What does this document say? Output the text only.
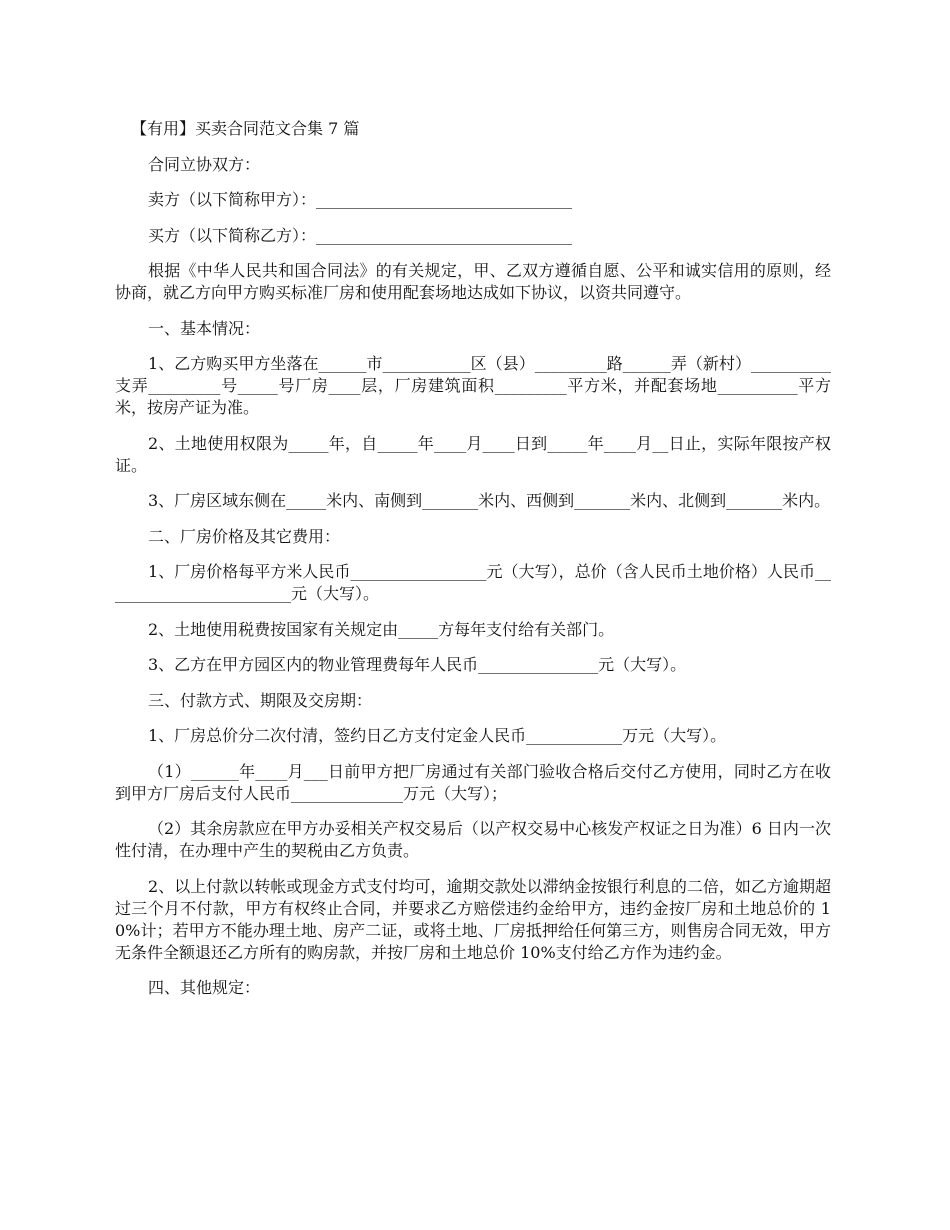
【有用】买卖合同范文合集 7 篇

合同立协双方：

卖方（以下简称甲方）：________________________________

买方（以下简称乙方）：________________________________

根据《中华人民共和国合同法》的有关规定，甲、乙双方遵循自愿、公平和诚实信用的原则，经协商，就乙方向甲方购买标准厂房和使用配套场地达成如下协议，以资共同遵守。

一、基本情况：

1、乙方购买甲方坐落在______市___________区（县）_________路______弄（新村）__________支弄_________号_____号厂房____层，厂房建筑面积_________平方米，并配套场地__________平方米，按房产证为准。

2、土地使用权限为_____年，自_____年____月____日到_____年____月__日止，实际年限按产权证。

3、厂房区域东侧在_____米内、南侧到_______米内、西侧到_______米内、北侧到_______米内。

二、厂房价格及其它费用：

1、厂房价格每平方米人民币_________________元（大写），总价（含人民币土地价格）人民币________________________元（大写）。

2、土地使用税费按国家有关规定由_____方每年支付给有关部门。

3、乙方在甲方园区内的物业管理费每年人民币_______________元（大写）。

三、付款方式、期限及交房期：

1、厂房总价分二次付清，签约日乙方支付定金人民币____________万元（大写）。

（1）______年____月___日前甲方把厂房通过有关部门验收合格后交付乙方使用，同时乙方在收到甲方厂房后支付人民币______________万元（大写）；

（2）其余房款应在甲方办妥相关产权交易后（以产权交易中心核发产权证之日为准）6 日内一次性付清，在办理中产生的契税由乙方负责。

2、以上付款以转帐或现金方式支付均可，逾期交款处以滞纳金按银行利息的二倍，如乙方逾期超过三个月不付款，甲方有权终止合同，并要求乙方赔偿违约金给甲方，违约金按厂房和土地总价的 10%计；若甲方不能办理土地、房产二证，或将土地、厂房抵押给任何第三方，则售房合同无效，甲方无条件全额退还乙方所有的购房款，并按厂房和土地总价 10%支付给乙方作为违约金。

四、其他规定：
